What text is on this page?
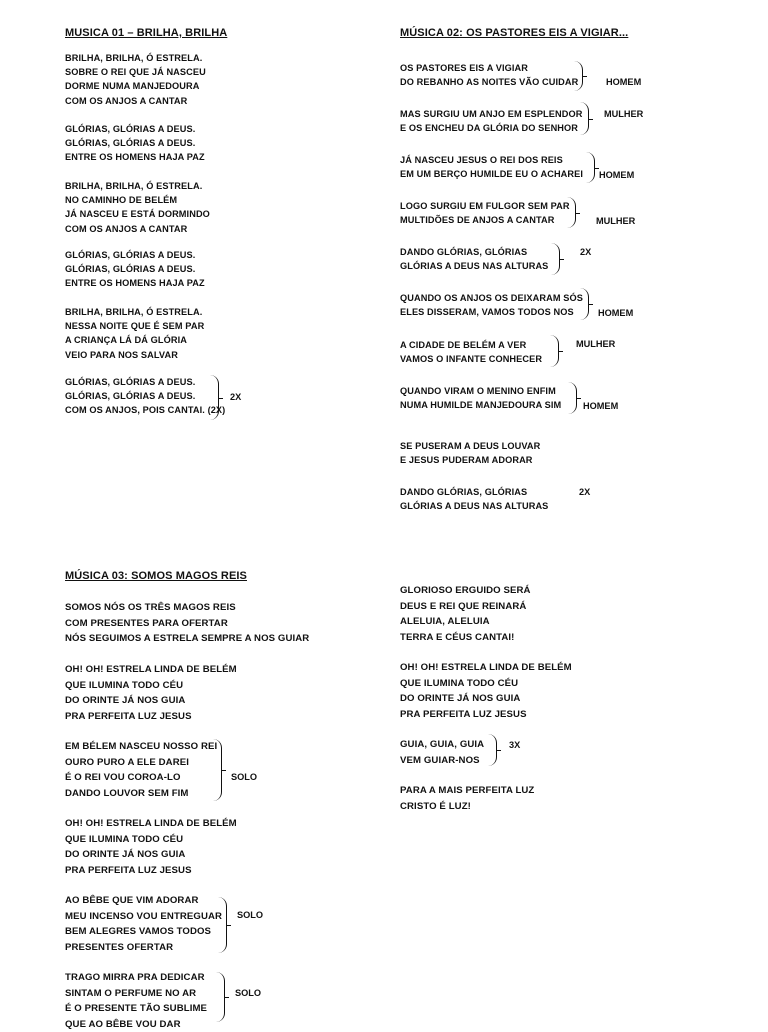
MUSICA 01 – BRILHA, BRILHA
BRILHA, BRILHA, Ó ESTRELA.
SOBRE O REI QUE JÁ NASCEU
DORME NUMA MANJEDOURA
COM OS ANJOS A CANTAR
GLÓRIAS, GLÓRIAS A DEUS.
GLÓRIAS, GLÓRIAS A DEUS.
ENTRE OS HOMENS HAJA PAZ
BRILHA, BRILHA, Ó ESTRELA.
NO CAMINHO DE BELÉM
JÁ NASCEU E ESTÁ DORMINDO
COM OS ANJOS A CANTAR
GLÓRIAS, GLÓRIAS A DEUS.
GLÓRIAS, GLÓRIAS A DEUS.
ENTRE OS HOMENS HAJA PAZ
BRILHA, BRILHA, Ó ESTRELA.
NESSA NOITE QUE É SEM PAR
A CRIANÇA LÁ DÁ GLÓRIA
VEIO PARA NOS SALVAR
GLÓRIAS, GLÓRIAS A DEUS.
GLÓRIAS, GLÓRIAS A DEUS.
COM OS ANJOS, POIS CANTAI. (2X)
2X
MÚSICA 02: OS PASTORES EIS A VIGIAR...
OS PASTORES EIS A VIGIAR
DO REBANHO AS NOITES VÃO CUIDAR	HOMEM
MAS SURGIU UM ANJO EM ESPLENDOR
E OS ENCHEU DA GLÓRIA DO SENHOR
MULHER
JÁ NASCEU JESUS O REI DOS REIS
EM UM BERÇO HUMILDE EU O ACHAREI HOMEM
LOGO SURGIU EM FULGOR SEM PAR
MULTIDÕES DE ANJOS A CANTAR	MULHER
DANDO GLÓRIAS, GLÓRIAS
GLÓRIAS A DEUS NAS ALTURAS
2X
QUANDO OS ANJOS OS DEIXARAM SÓS
ELES DISSERAM, VAMOS TODOS NOS	HOMEM
A CIDADE DE BELÉM A VER
VAMOS O INFANTE CONHECER
MULHER
QUANDO VIRAM O MENINO ENFIM
NUMA HUMILDE MANJEDOURA SIM HOMEM
SE PUSERAM A DEUS LOUVAR
E JESUS PUDERAM ADORAR
DANDO GLÓRIAS, GLÓRIAS
GLÓRIAS A DEUS NAS ALTURAS
2X
MÚSICA 03: SOMOS MAGOS REIS
SOMOS NÓS OS TRÊS MAGOS REIS
COM PRESENTES PARA OFERTAR
NÓS SEGUIMOS A ESTRELA SEMPRE A NOS GUIAR
OH! OH! ESTRELA LINDA DE BELÉM
QUE ILUMINA TODO CÉU
DO ORINTE JÁ NOS GUIA
PRA PERFEITA LUZ JESUS
EM BÉLEM NASCEU NOSSO REI
OURO PURO A ELE DAREI
É O REI VOU COROA-LO
DANDO LOUVOR SEM FIM
SOLO
OH! OH! ESTRELA LINDA DE BELÉM
QUE ILUMINA TODO CÉU
DO ORINTE JÁ NOS GUIA
PRA PERFEITA LUZ JESUS
AO BÊBE QUE VIM ADORAR
MEU INCENSO VOU ENTREGUAR
BEM ALEGRES VAMOS TODOS
PRESENTES OFERTAR
SOLO
TRAGO MIRRA PRA DEDICAR
SINTAM O PERFUME NO AR
É O PRESENTE TÃO SUBLIME
QUE AO BÊBE VOU DAR
SOLO
GLORIOSO ERGUIDO SERÁ
DEUS E REI QUE REINARÁ
ALELUIA, ALELUIA
TERRA E CÉUS CANTAI!
OH! OH! ESTRELA LINDA DE BELÉM
QUE ILUMINA TODO CÉU
DO ORINTE JÁ NOS GUIA
PRA PERFEITA LUZ JESUS
GUIA, GUIA, GUIA
VEM GUIAR-NOS
3X
PARA A MAIS PERFEITA LUZ
CRISTO É LUZ!
